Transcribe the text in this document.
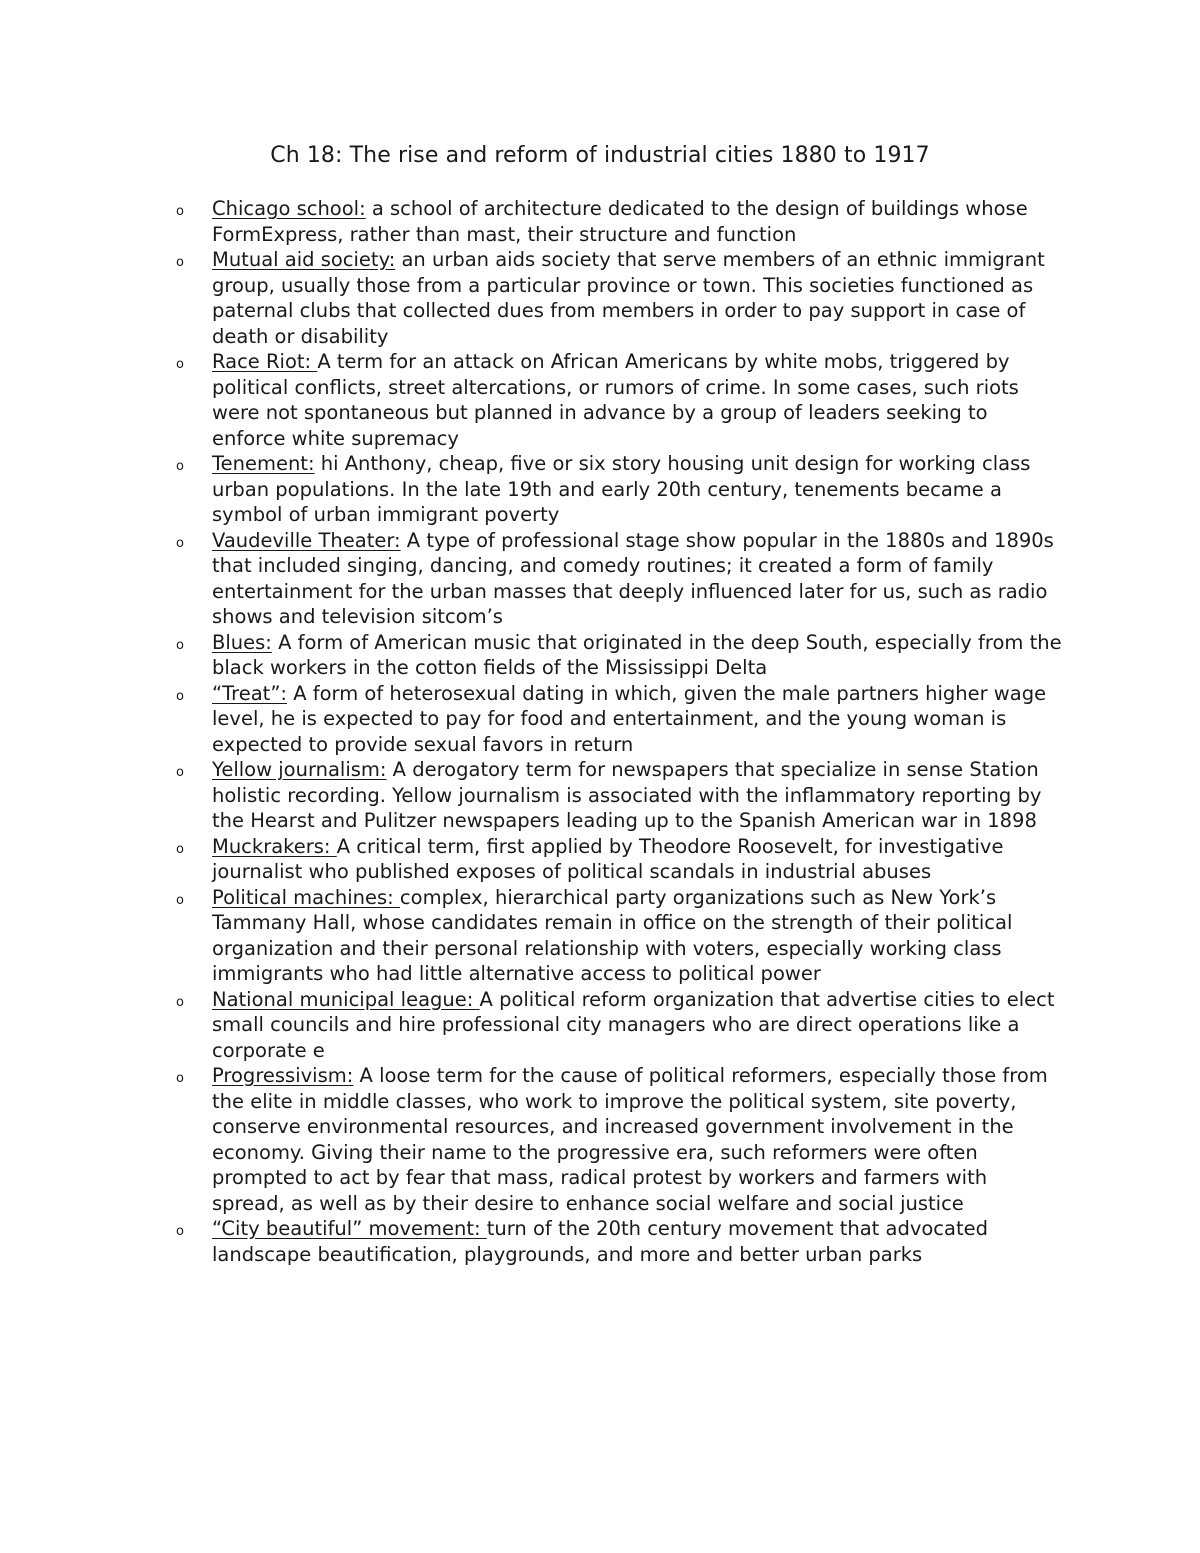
Ch 18: The rise and reform of industrial cities 1880 to 1917
o Chicago school: a school of architecture dedicated to the design of buildings whose FormExpress, rather than mast, their structure and function
o Mutual aid society: an urban aids society that serve members of an ethnic immigrant group, usually those from a particular province or town. This societies functioned as paternal clubs that collected dues from members in order to pay support in case of death or disability
o Race Riot: A term for an attack on African Americans by white mobs, triggered by political conflicts, street altercations, or rumors of crime. In some cases, such riots were not spontaneous but planned in advance by a group of leaders seeking to enforce white supremacy
o Tenement: hi Anthony, cheap, five or six story housing unit design for working class urban populations. In the late 19th and early 20th century, tenements became a symbol of urban immigrant poverty
o Vaudeville Theater: A type of professional stage show popular in the 1880s and 1890s that included singing, dancing, and comedy routines; it created a form of family entertainment for the urban masses that deeply influenced later for us, such as radio shows and television sitcom’s
o Blues: A form of American music that originated in the deep South, especially from the black workers in the cotton fields of the Mississippi Delta
o “Treat”: A form of heterosexual dating in which, given the male partners higher wage level, he is expected to pay for food and entertainment, and the young woman is expected to provide sexual favors in return
o Yellow journalism: A derogatory term for newspapers that specialize in sense Station holistic recording. Yellow journalism is associated with the inflammatory reporting by the Hearst and Pulitzer newspapers leading up to the Spanish American war in 1898
o Muckrakers: A critical term, first applied by Theodore Roosevelt, for investigative journalist who published exposes of political scandals in industrial abuses
o Political machines: complex, hierarchical party organizations such as New York’s Tammany Hall, whose candidates remain in office on the strength of their political organization and their personal relationship with voters, especially working class immigrants who had little alternative access to political power
o National municipal league: A political reform organization that advertise cities to elect small councils and hire professional city managers who are direct operations like a corporate e
o Progressivism: A loose term for the cause of political reformers, especially those from the elite in middle classes, who work to improve the political system, site poverty, conserve environmental resources, and increased government involvement in the economy. Giving their name to the progressive era, such reformers were often prompted to act by fear that mass, radical protest by workers and farmers with spread, as well as by their desire to enhance social welfare and social justice
o “City beautiful” movement: turn of the 20th century movement that advocated landscape beautification, playgrounds, and more and better urban parks
